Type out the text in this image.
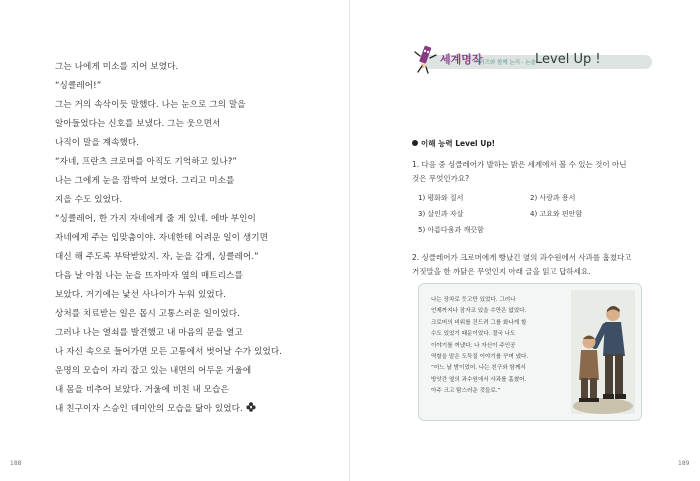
그는 나에게 미소를 지어 보였다.

“싱클레어!”

그는 거의 속삭이듯 말했다. 나는 눈으로 그의 말을

알아들었다는 신호를 보냈다. 그는 웃으면서

나직이 말을 계속했다.

“자네, 프란츠 크로머를 아직도 기억하고 있나?”

나는 그에게 눈을 깜박여 보였다. 그리고 미소를

지을 수도 있었다.

“싱클레어, 한 가지 자네에게 줄 게 있네. 에바 부인이

자네에게 주는 입맞춤이야. 자네한테 어려운 일이 생기면

대신 해 주도록 부탁받았지. 자, 눈을 감게, 싱클레어.”

다음 날 아침 나는 눈을 뜨자마자 옆의 매트리스를

보았다. 거기에는 낯선 사나이가 누워 있었다.

상처를 치료받는 일은 몹시 고통스러운 일이었다.

그러나 나는 열쇠를 발견했고 내 마음의 문을 열고

나 자신 속으로 들어가면 모든 고통에서 벗어날 수가 있었다.

운명의 모습이 자리 잡고 있는 내면의 어두운 거울에

내 몸을 비추어 보았다. 거울에 비친 내 모습은

내 친구이자 스승인 데미안의 모습을 닮아 있었다.

188
세계명작
시리즈와 함께 논리 · 논술 Level Up !
이해 능력 Level Up!

1. 다음 중 싱클레어가 발하는 밝은 세계에서 볼 수 있는 것이 아닌

것은 무엇인가요?

1) 평화와 질서	2) 사랑과 용서
3) 살인과 자살	4) 고요와 편안함
5) 아름다움과 깨끗함

2. 싱클레어가 크로머에게 빵났긴 옆의 과수원에서 사과를 훔쳤다고

거짓말을 한 까닭은 무엇인지 아래 글을 읽고 답하세요.

나는 장차로 듯고만 있었다. 그러나

언제까지나 잠자코 있을 수만은 없었다.

크로머의 비위를 건드려 그를 화나게 할

수도 있었기 때문이었다. 결국 나도

이야기를 꺼냈다. 나 자신이 주인공

역할을 맡은 도둑질 이야기를 꾸며 냈다.

“어느 날 밤이었어. 나는 친구와 함께서

방앗간 옆의 과수원에서 사과를 훔쳤어.

아주 크고 탐스러운 것들로.”

189
